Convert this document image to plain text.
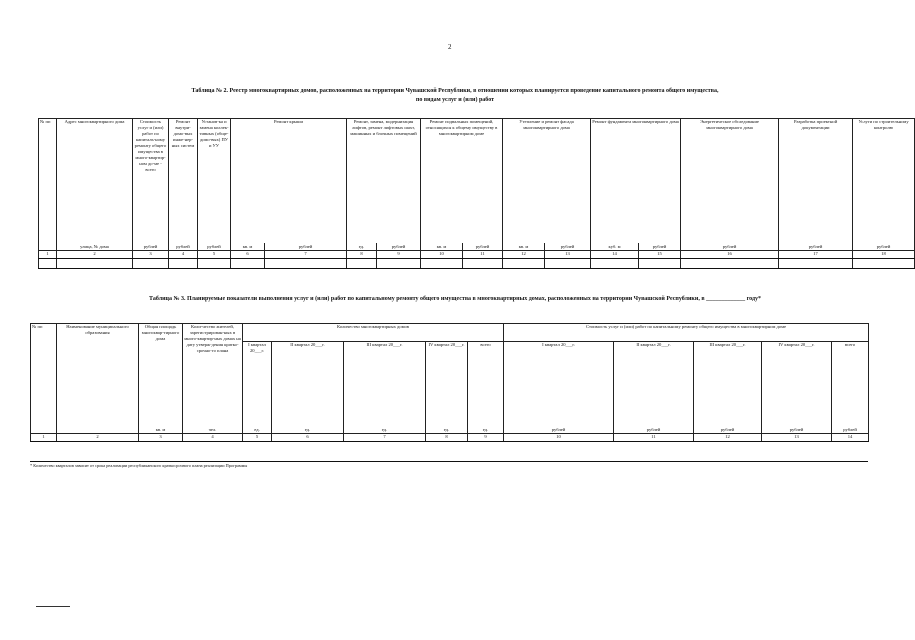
2
Таблица № 2. Реестр многоквартирных домов, расположенных на территории Чувашской Республики, в отношении которых планируется проведение капитального ремонта общего имущества,
по видам услуг и (или) работ
№ пп	Адрес многоквартирного дома	Стоимость услуг и (или) работ по капиталь-ному ремонту общего имущества в много-квартир-ном до-ме - всего	Ремонт внутри-домо-вых инже-нер-ных систем	Установ-ка и замена коллек-тивных (обще-домо-вых) ПУ и УУ	Ремонт крыши		Ремонт, замена, модернизация лифтов, ремонт лифтовых шахт, машинных и блочных помещений		Ремонт подвальных помещений, относящихся к общему имуществу в многоквартирном доме		Утепление и ремонт фасада многоквартирного дома		Ремонт фундамента многоквартирного дома		Энергетическое обследование многоквартирного дома	Разработка проектной документации	Услуги по строительному контролю
	улица, № дома	рублей	рублей	рублей	кв. м	рублей	ед.	рублей	кв. м	рублей	кв. м	рублей	куб. м	рублей	рублей	рублей	рублей
1	2	3	4	5	6	7	8	9	10	11	12	13	14	15	16	17	18

Таблица № 3. Планируемые показатели выполнения услуг и (или) работ по капитальному ремонту общего имущества в многоквартирных домах, расположенных на территории Чувашской Республики, в _____________ году*
№ пп	Наименование муниципального образования	Общая площадь многоквар-тирного дома	Коли-чество жителей, зарегистрирован-ных в много-квартир-ных домах на дату утверж-дения кратко-срочно-го плана	Количество многоквартирных домов					Стоимость услуг и (или) работ по капитальному ремонту общего имущества в многоквартирном доме				
				I квартал 20___г.	II квартал 20___г.	III квартал 20___г.	IV квартал 20___г.	всего	I квартал 20___г.	II квартал 20___г.	III квартал 20___г.	IV квартал 20___г.	всего
		кв. м	чел.	ед.	ед.	ед.	ед.	ед.	рублей	рублей	рублей	рублей	рублей
1	2	3	4	5	6	7	8	9	10	11	12	13	14
* Количество кварталов зависит от срока реализации республиканского краткосрочного плана реализации Программы
